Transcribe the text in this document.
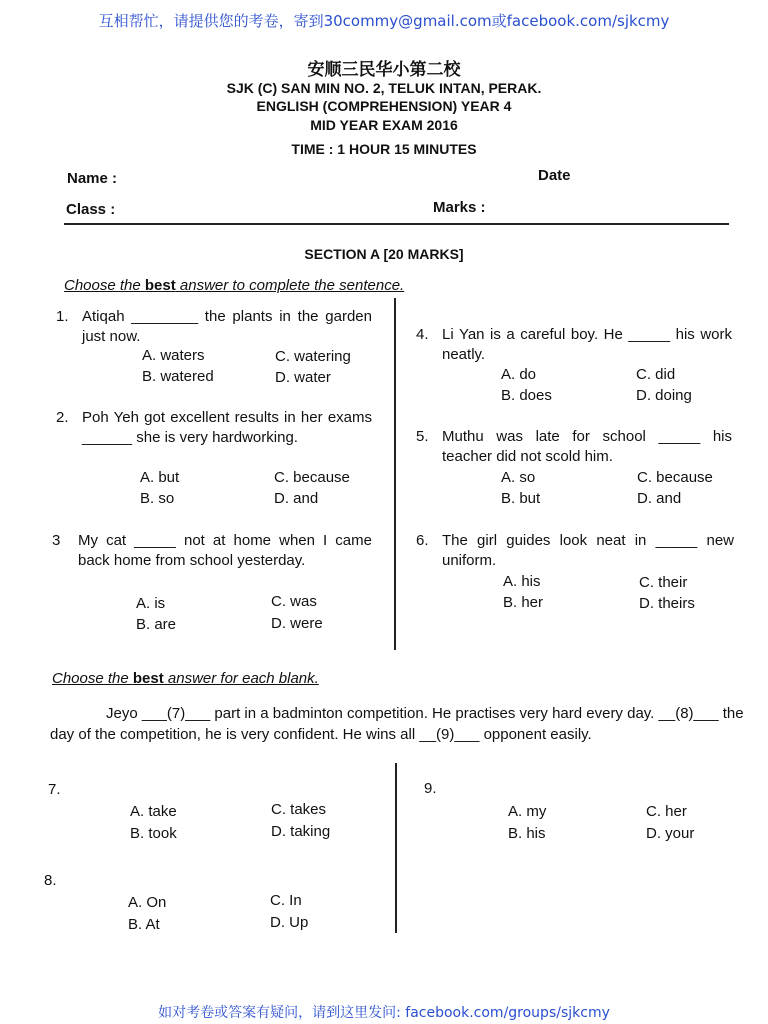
互相帮忙，请提供您的考卷，寄到30commy@gmail.com或facebook.com/sjkcmy
安顺三民华小第二校
SJK (C) SAN MIN NO. 2, TELUK INTAN, PERAK.
ENGLISH (COMPREHENSION) YEAR 4
MID YEAR EXAM 2016
TIME : 1 HOUR 15 MINUTES
Name :	Date
Class :	Marks :
SECTION A [20 MARKS]
Choose the best answer to complete the sentence.
1. Atiqah ________ the plants in the garden just now.
A. waters
B. watered
C. watering
D. water
2. Poh Yeh got excellent results in her exams ______ she is very hardworking.
A. but
B. so
C. because
D. and
3 My cat _____ not at home when I came back home from school yesterday.
A. is
B. are
C. was
D. were
4. Li Yan is a careful boy. He _____ his work neatly.
A. do
B. does
C. did
D. doing
5. Muthu was late for school _____ his teacher did not scold him.
A. so
B. but
C. because
D. and
6. The girl guides look neat in _____ new uniform.
A. his
B. her
C. their
D. theirs
Choose the best answer for each blank.
Jeyo ___(7)___ part in a badminton competition. He practises very hard every day. __(8)___ the day of the competition, he is very confident. He wins all __(9)___ opponent easily.
7.
A. take
B. took
C. takes
D. taking
8.
A. On
B. At
C. In
D. Up
9.
A. my
B. his
C. her
D. your
如对考卷或答案有疑问，请到这里发问: facebook.com/groups/sjkcmy
